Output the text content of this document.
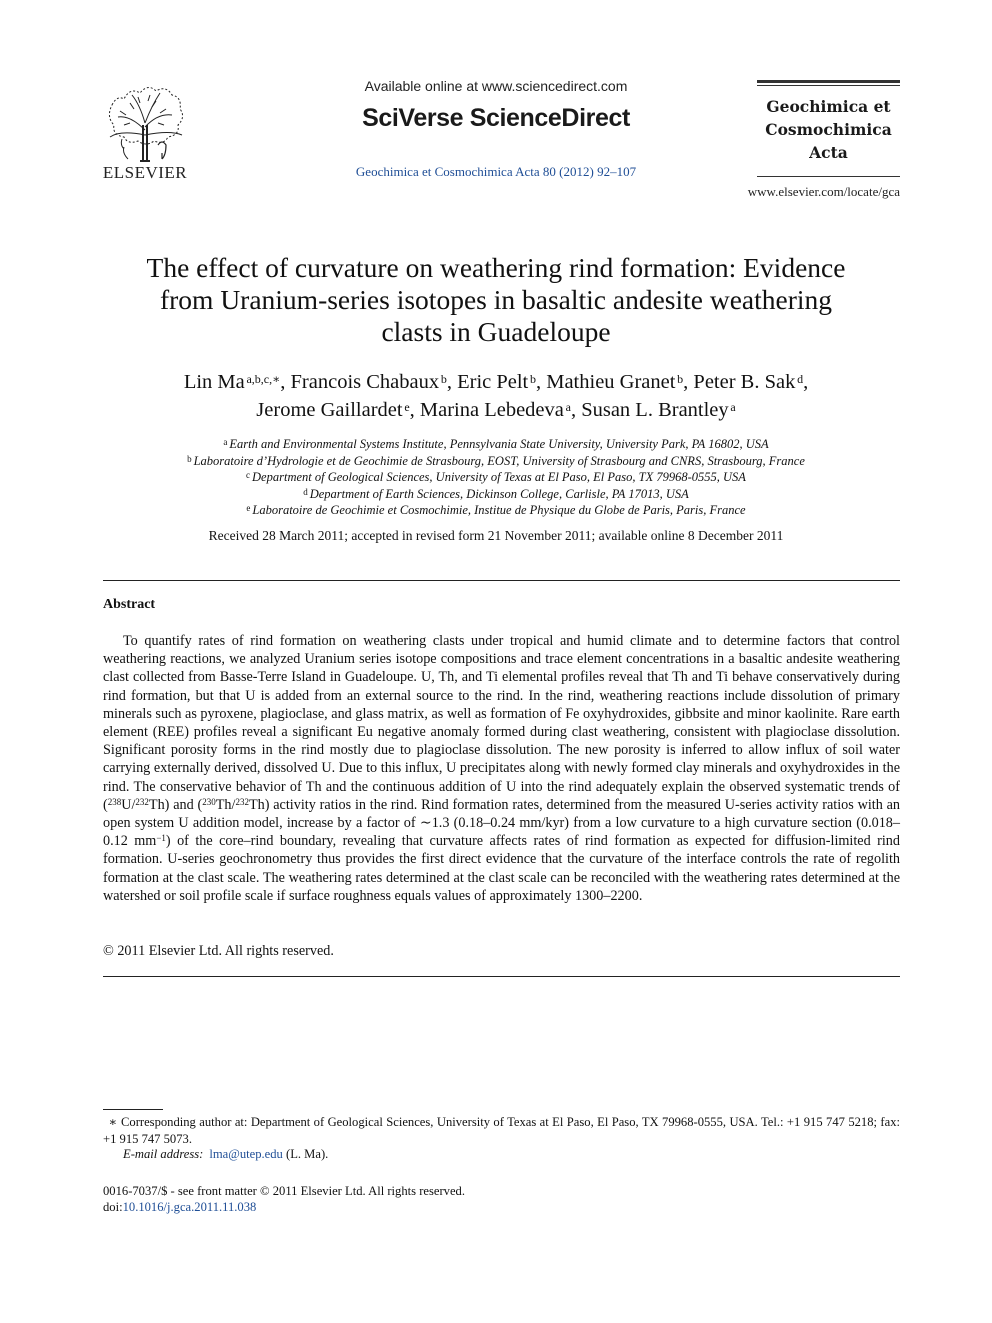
ELSEVIER
Available online at www.sciencedirect.com
SciVerse ScienceDirect
Geochimica et Cosmochimica Acta 80 (2012) 92–107
Geochimica et
Cosmochimica
Acta
www.elsevier.com/locate/gca
The effect of curvature on weathering rind formation: Evidence
from Uranium-series isotopes in basaltic andesite weathering
clasts in Guadeloupe
Lin Ma  $^{a,b,c,∗}$, Francois Chabaux  $^b$, Eric Pelt  $^b$, Mathieu Granet  $^b$, Peter B. Sak  $^d$,
Jerome Gaillardet  $^e$, Marina Lebedeva  $^a$, Susan L. Brantley  $^a$
$^a$ Earth and Environmental Systems Institute, Pennsylvania State University, University Park, PA 16802, USA
$^b$ Laboratoire d’Hydrologie et de Geochimie de Strasbourg, EOST, University of Strasbourg and CNRS, Strasbourg, France
$^c$ Department of Geological Sciences, University of Texas at El Paso, El Paso, TX 79968-0555, USA
$^d$ Department of Earth Sciences, Dickinson College, Carlisle, PA 17013, USA
$^e$ Laboratoire de Geochimie et Cosmochimie, Institue de Physique du Globe de Paris, Paris, France
Received 28 March 2011; accepted in revised form 21 November 2011; available online 8 December 2011
Abstract
To quantify rates of rind formation on weathering clasts under tropical and humid climate and to determine factors that control weathering reactions, we analyzed Uranium series isotope compositions and trace element concentrations in a basaltic andesite weathering clast collected from Basse-Terre Island in Guadeloupe. U, Th, and Ti elemental profiles reveal that Th and Ti behave conservatively during rind formation, but that U is added from an external source to the rind. In the rind, weathering reactions include dissolution of primary minerals such as pyroxene, plagioclase, and glass matrix, as well as formation of Fe oxyhydroxides, gibbsite and minor kaolinite. Rare earth element (REE) profiles reveal a significant Eu negative anomaly formed during clast weathering, consistent with plagioclase dissolution. Significant porosity forms in the rind mostly due to plagioclase dissolution. The new porosity is inferred to allow influx of soil water carrying externally derived, dissolved U. Due to this influx, U precipitates along with newly formed clay minerals and oxyhydroxides in the rind. The conservative behavior of Th and the continuous addition of U into the rind adequately explain the observed systematic trends of ($^{238}$U/$^{232}$Th) and ($^{230}$Th/$^{232}$Th) activity ratios in the rind. Rind formation rates, determined from the measured U-series activity ratios with an open system U addition model, increase by a factor of ∼1.3 (0.18–0.24 mm/kyr) from a low curvature to a high curvature section (0.018–0.12 $mm^{-1}$) of the core–rind boundary, revealing that curvature affects rates of rind formation as expected for diffusion-limited rind formation. U-series geochronometry thus provides the first direct evidence that the curvature of the interface controls the rate of regolith formation at the clast scale. The weathering rates determined at the clast scale can be reconciled with the weathering rates determined at the watershed or soil profile scale if surface roughness equals values of approximately 1300–2200.
© 2011 Elsevier Ltd. All rights reserved.
∗ Corresponding author at: Department of Geological Sciences, University of Texas at El Paso, El Paso, TX 79968-0555, USA. Tel.: +1 915 747 5218; fax: +1 915 747 5073.
E-mail address: lma@utep.edu (L. Ma).
0016-7037/$ - see front matter © 2011 Elsevier Ltd. All rights reserved.
doi:10.1016/j.gca.2011.11.038
